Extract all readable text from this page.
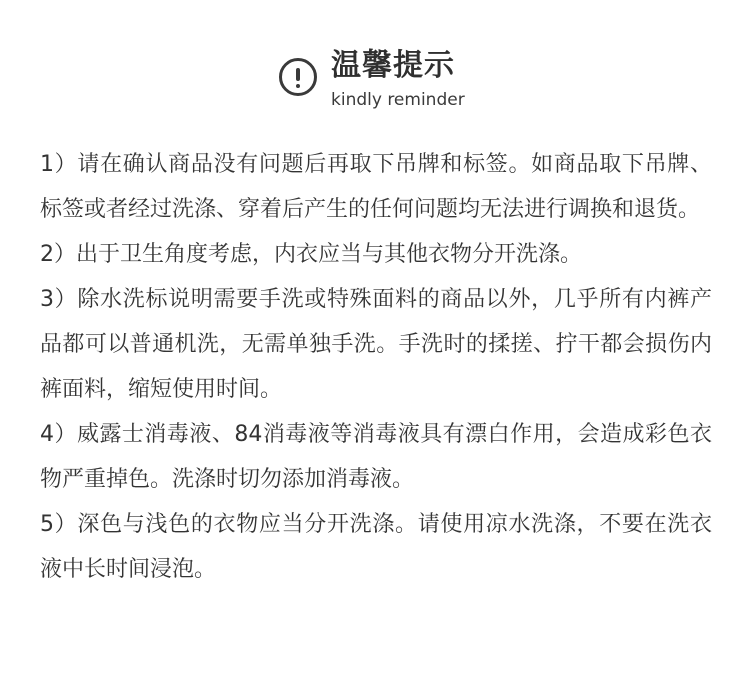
温馨提示
kindly reminder

1）请在确认商品没有问题后再取下吊牌和标签。如商品取下吊牌、标签或者经过洗涤、穿着后产生的任何问题均无法进行调换和退货。

2）出于卫生角度考虑，内衣应当与其他衣物分开洗涤。

3）除水洗标说明需要手洗或特殊面料的商品以外，几乎所有内裤产品都可以普通机洗，无需单独手洗。手洗时的揉搓、拧干都会损伤内裤面料，缩短使用时间。

4）威露士消毒液、84消毒液等消毒液具有漂白作用，会造成彩色衣物严重掉色。洗涤时切勿添加消毒液。

5）深色与浅色的衣物应当分开洗涤。请使用凉水洗涤，不要在洗衣液中长时间浸泡。
